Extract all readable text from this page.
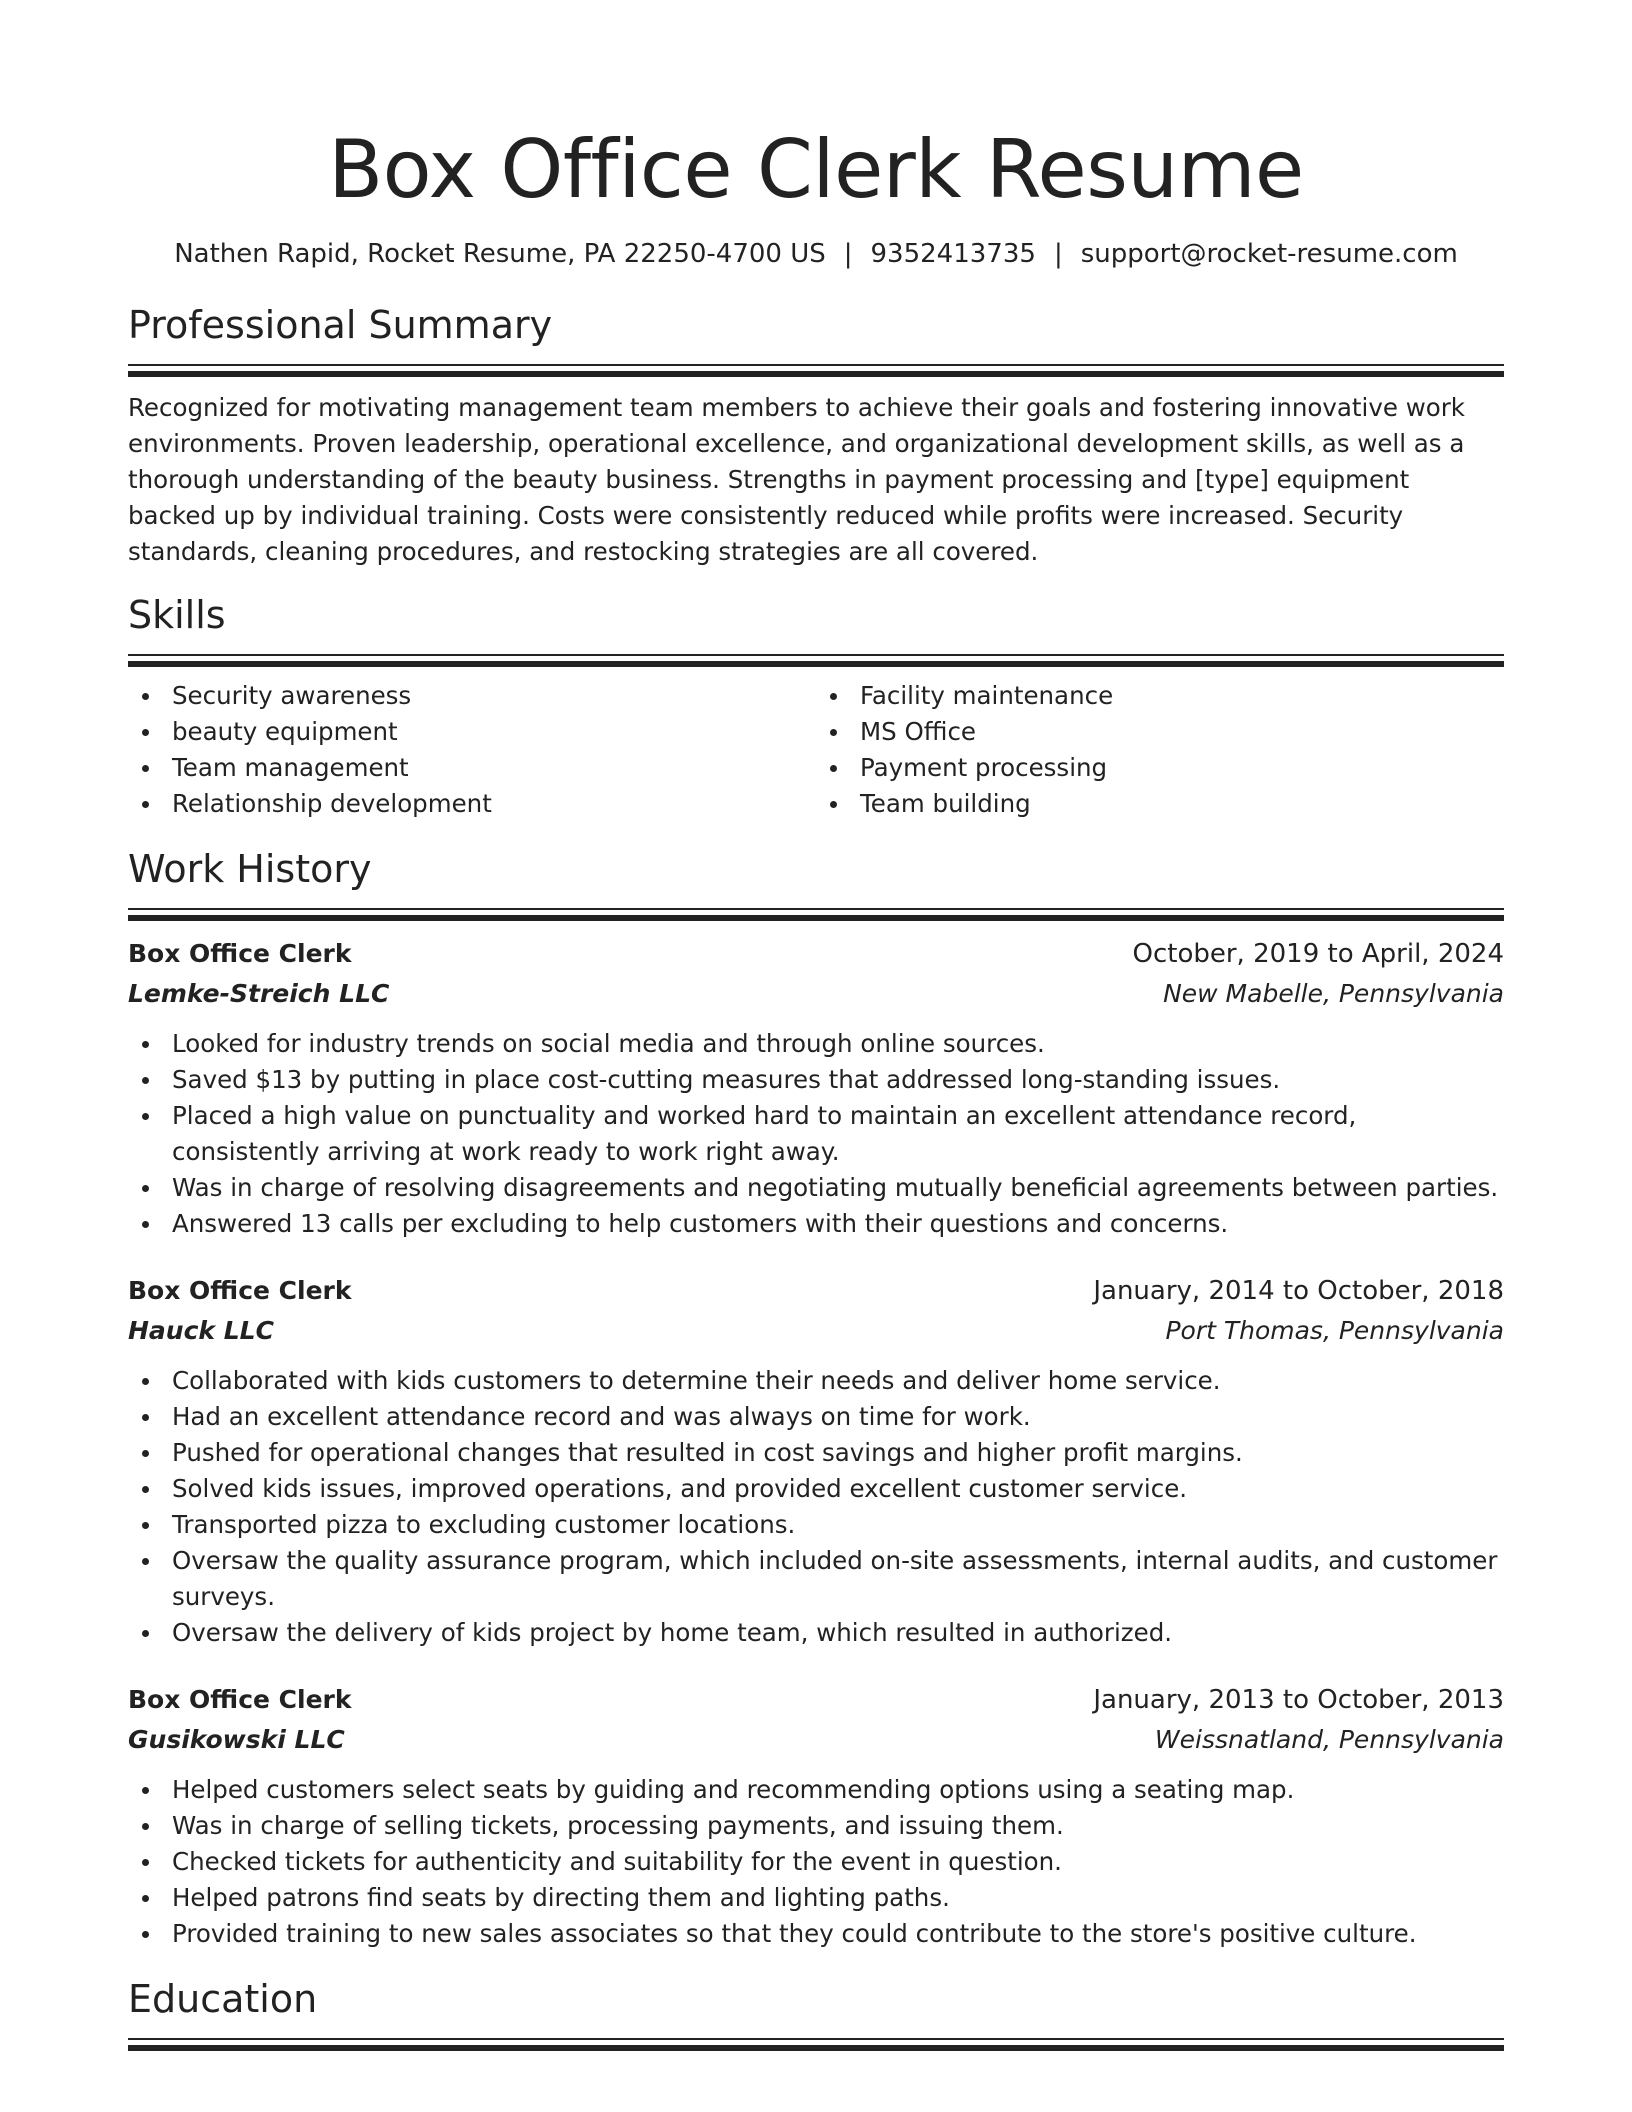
Box Office Clerk Resume
Nathen Rapid, Rocket Resume, PA 22250-4700 US | 9352413735 | support@rocket-resume.com
Professional Summary
Recognized for motivating management team members to achieve their goals and fostering innovative work environments. Proven leadership, operational excellence, and organizational development skills, as well as a thorough understanding of the beauty business. Strengths in payment processing and [type] equipment backed up by individual training. Costs were consistently reduced while profits were increased. Security standards, cleaning procedures, and restocking strategies are all covered.
Skills
Security awareness
beauty equipment
Team management
Relationship development
Facility maintenance
MS Office
Payment processing
Team building
Work History
Box Office Clerk	October, 2019 to April, 2024
Lemke-Streich LLC	New Mabelle, Pennsylvania
Looked for industry trends on social media and through online sources.
Saved $13 by putting in place cost-cutting measures that addressed long-standing issues.
Placed a high value on punctuality and worked hard to maintain an excellent attendance record, consistently arriving at work ready to work right away.
Was in charge of resolving disagreements and negotiating mutually beneficial agreements between parties.
Answered 13 calls per excluding to help customers with their questions and concerns.
Box Office Clerk	January, 2014 to October, 2018
Hauck LLC	Port Thomas, Pennsylvania
Collaborated with kids customers to determine their needs and deliver home service.
Had an excellent attendance record and was always on time for work.
Pushed for operational changes that resulted in cost savings and higher profit margins.
Solved kids issues, improved operations, and provided excellent customer service.
Transported pizza to excluding customer locations.
Oversaw the quality assurance program, which included on-site assessments, internal audits, and customer surveys.
Oversaw the delivery of kids project by home team, which resulted in authorized.
Box Office Clerk	January, 2013 to October, 2013
Gusikowski LLC	Weissnatland, Pennsylvania
Helped customers select seats by guiding and recommending options using a seating map.
Was in charge of selling tickets, processing payments, and issuing them.
Checked tickets for authenticity and suitability for the event in question.
Helped patrons find seats by directing them and lighting paths.
Provided training to new sales associates so that they could contribute to the store's positive culture.
Education
